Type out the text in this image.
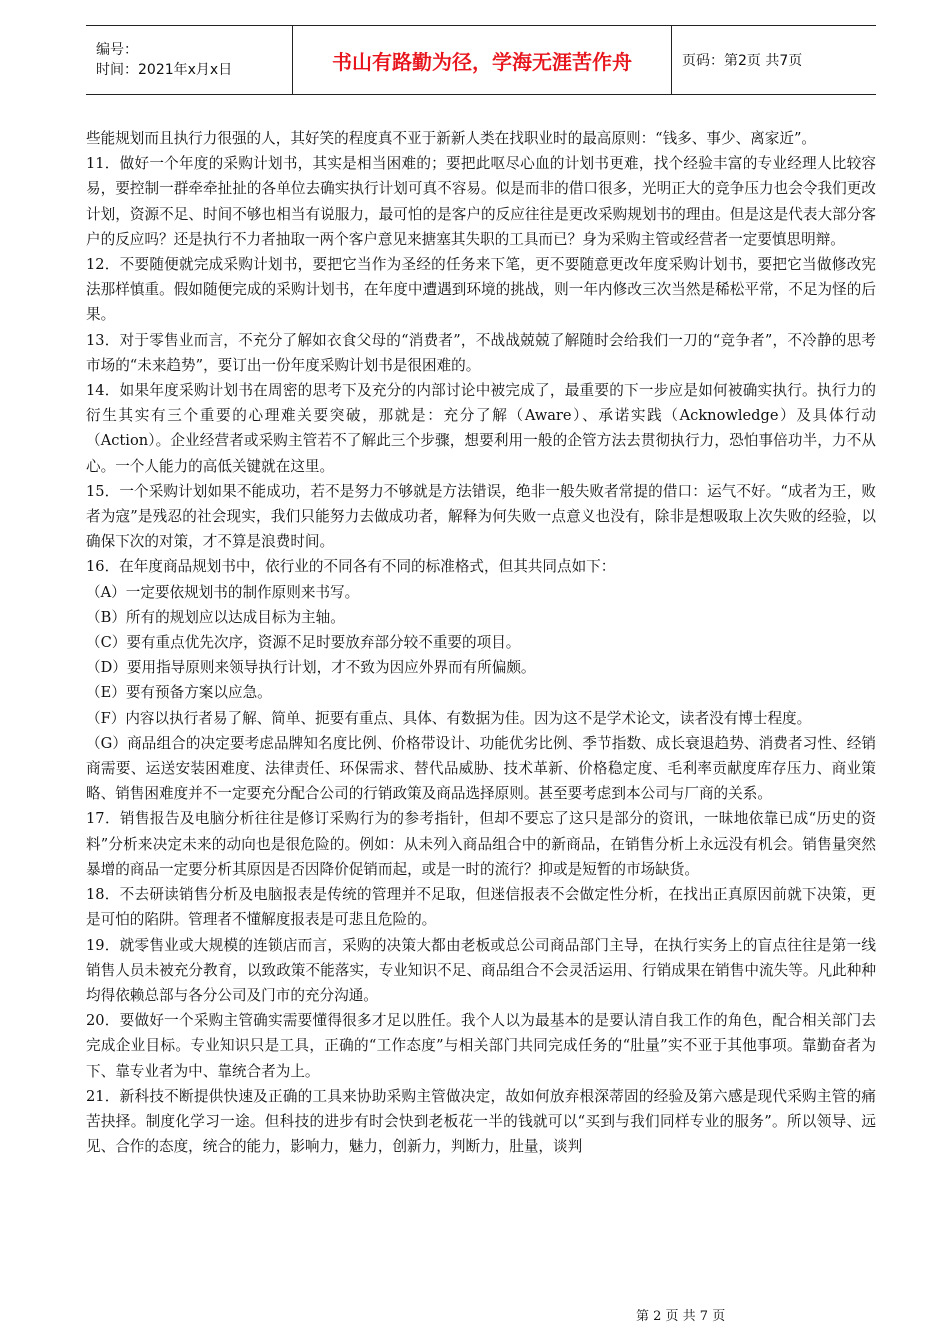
编号：
时间：2021年x月x日	书山有路勤为径，学海无涯苦作舟	页码：第2页 共7页

些能规划而且执行力很强的人，其好笑的程度真不亚于新新人类在找职业时的最高原则：“钱多、事少、离家近”。

11．做好一个年度的采购计划书，其实是相当困难的；要把此呕尽心血的计划书更难，找个经验丰富的专业经理人比较容易，要控制一群牵牵扯扯的各单位去确实执行计划可真不容易。似是而非的借口很多，光明正大的竞争压力也会令我们更改计划，资源不足、时间不够也相当有说服力，最可怕的是客户的反应往往是更改采购规划书的理由。但是这是代表大部分客户的反应吗？还是执行不力者抽取一两个客户意见来搪塞其失职的工具而已？身为采购主管或经营者一定要慎思明辩。

12．不要随便就完成采购计划书，要把它当作为圣经的任务来下笔，更不要随意更改年度采购计划书，要把它当做修改宪法那样慎重。假如随便完成的采购计划书，在年度中遭遇到环境的挑战，则一年内修改三次当然是稀松平常，不足为怪的后果。

13．对于零售业而言，不充分了解如衣食父母的“消费者”，不战战兢兢了解随时会给我们一刀的“竞争者”，不冷静的思考市场的“未来趋势”，要订出一份年度采购计划书是很困难的。

14．如果年度采购计划书在周密的思考下及充分的内部讨论中被完成了，最重要的下一步应是如何被确实执行。执行力的衍生其实有三个重要的心理难关要突破，那就是：充分了解（Aware）、承诺实践（Acknowledge）及具体行动（Action）。企业经营者或采购主管若不了解此三个步骤，想要利用一般的企管方法去贯彻执行力，恐怕事倍功半，力不从心。一个人能力的高低关键就在这里。

15．一个采购计划如果不能成功，若不是努力不够就是方法错误，绝非一般失败者常提的借口：运气不好。“成者为王，败者为寇”是残忍的社会现实，我们只能努力去做成功者，解释为何失败一点意义也没有，除非是想吸取上次失败的经验，以确保下次的对策，才不算是浪费时间。

16．在年度商品规划书中，依行业的不同各有不同的标准格式，但其共同点如下：

（A）一定要依规划书的制作原则来书写。

（B）所有的规划应以达成目标为主轴。

（C）要有重点优先次序，资源不足时要放弃部分较不重要的项目。

（D）要用指导原则来领导执行计划，才不致为因应外界而有所偏颇。

（E）要有预备方案以应急。

（F）内容以执行者易了解、简单、扼要有重点、具体、有数据为佳。因为这不是学术论文，读者没有博士程度。

（G）商品组合的决定要考虑品牌知名度比例、价格带设计、功能优劣比例、季节指数、成长衰退趋势、消费者习性、经销商需要、运送安装困难度、法律责任、环保需求、替代品威胁、技术革新、价格稳定度、毛利率贡献度库存压力、商业策略、销售困难度并不一定要充分配合公司的行销政策及商品选择原则。甚至要考虑到本公司与厂商的关系。

17．销售报告及电脑分析往往是修订采购行为的参考指针，但却不要忘了这只是部分的资讯，一昧地依靠已成“历史的资料”分析来决定未来的动向也是很危险的。例如：从未列入商品组合中的新商品，在销售分析上永远没有机会。销售量突然暴增的商品一定要分析其原因是否因降价促销而起，或是一时的流行？抑或是短暂的市场缺货。

18．不去研读销售分析及电脑报表是传统的管理并不足取，但迷信报表不会做定性分析，在找出正真原因前就下决策，更是可怕的陷阱。管理者不懂解度报表是可悲且危险的。

19．就零售业或大规模的连锁店而言，采购的决策大都由老板或总公司商品部门主导，在执行实务上的盲点往往是第一线销售人员未被充分教育，以致政策不能落实，专业知识不足、商品组合不会灵活运用、行销成果在销售中流失等。凡此种种均得依赖总部与各分公司及门市的充分沟通。

20．要做好一个采购主管确实需要懂得很多才足以胜任。我个人以为最基本的是要认清自我工作的角色，配合相关部门去完成企业目标。专业知识只是工具，正确的“工作态度”与相关部门共同完成任务的“肚量”实不亚于其他事项。靠勤奋者为下、靠专业者为中、靠统合者为上。

21．新科技不断提供快速及正确的工具来协助采购主管做决定，故如何放弃根深蒂固的经验及第六感是现代采购主管的痛苦抉择。制度化学习一途。但科技的进步有时会快到老板花一半的钱就可以“买到与我们同样专业的服务”。所以领导、远见、合作的态度，统合的能力，影响力，魅力，创新力，判断力，肚量，谈判

第 2 页 共 7 页
